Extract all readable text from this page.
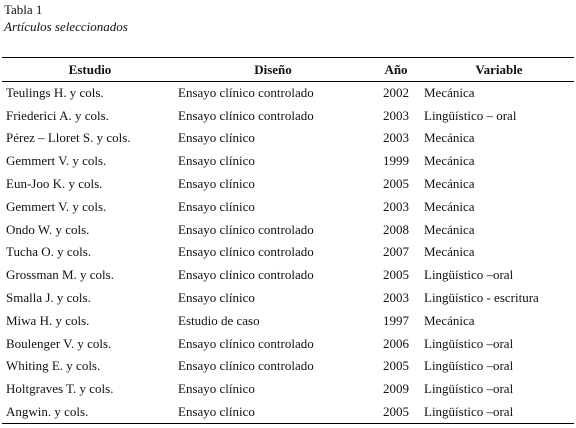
Tabla 1
Artículos seleccionados
Estudio	Diseño	Año	Variable
Teulings H. y cols.	Ensayo clínico controlado	2002	Mecánica
Friederici A. y cols.	Ensayo clínico controlado	2003	Lingüístico – oral
Pérez – Lloret S. y cols.	Ensayo clínico	2003	Mecánica
Gemmert V. y cols.	Ensayo clínico	1999	Mecánica
Eun-Joo K. y cols.	Ensayo clínico	2005	Mecánica
Gemmert V. y cols.	Ensayo clínico	2003	Mecánica
Ondo W. y cols.	Ensayo clínico controlado	2008	Mecánica
Tucha O. y cols.	Ensayo clínico controlado	2007	Mecánica
Grossman M. y cols.	Ensayo clínico controlado	2005	Lingüístico –oral
Smalla J. y cols.	Ensayo clínico	2003	Lingüístico - escritura
Miwa H. y cols.	Estudio de caso	1997	Mecánica
Boulenger V. y cols.	Ensayo clínico controlado	2006	Lingüístico –oral
Whiting E. y cols.	Ensayo clínico controlado	2005	Lingüístico –oral
Holtgraves T. y cols.	Ensayo clínico	2009	Lingüístico –oral
Angwin. y cols.	Ensayo clínico	2005	Lingüístico –oral
